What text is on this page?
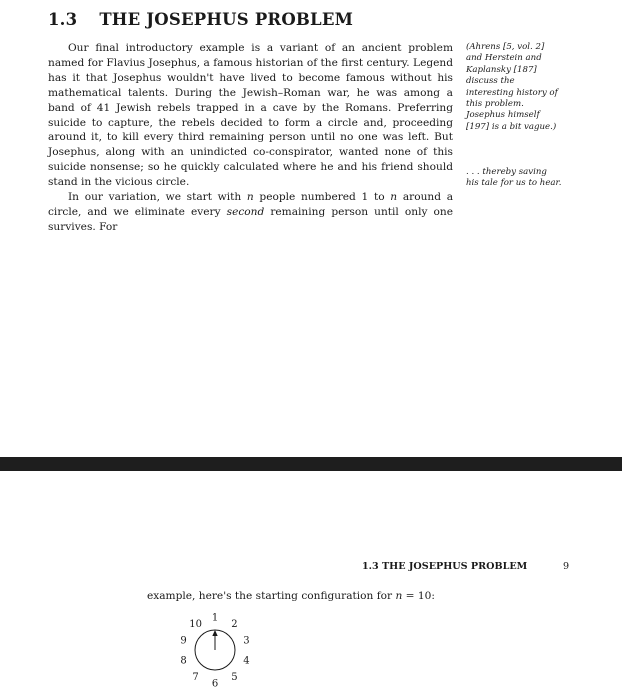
1.3 THE JOSEPHUS PROBLEM

Our final introductory example is a variant of an ancient problem named for Flavius Josephus, a famous historian of the first century. Legend has it that Josephus wouldn't have lived to become famous without his mathematical talents. During the Jewish–Roman war, he was among a band of 41 Jewish rebels trapped in a cave by the Romans. Preferring suicide to capture, the rebels decided to form a circle and, proceeding around it, to kill every third remaining person until no one was left. But Josephus, along with an unindicted co-conspirator, wanted none of this suicide nonsense; so he quickly calculated where he and his friend should stand in the vicious circle.

In our variation, we start with n people numbered 1 to n around a circle, and we eliminate every second remaining person until only one survives. For

(Ahrens [5, vol. 2] and Herstein and Kaplansky [187] discuss the interesting history of this problem. Josephus himself [197] is a bit vague.)
. . . thereby saving his tale for us to hear.
1.3 THE JOSEPHUS PROBLEM	9
example, here's the starting configuration for n = 10:
1
2
3
4
5
6
7
8
9
10
